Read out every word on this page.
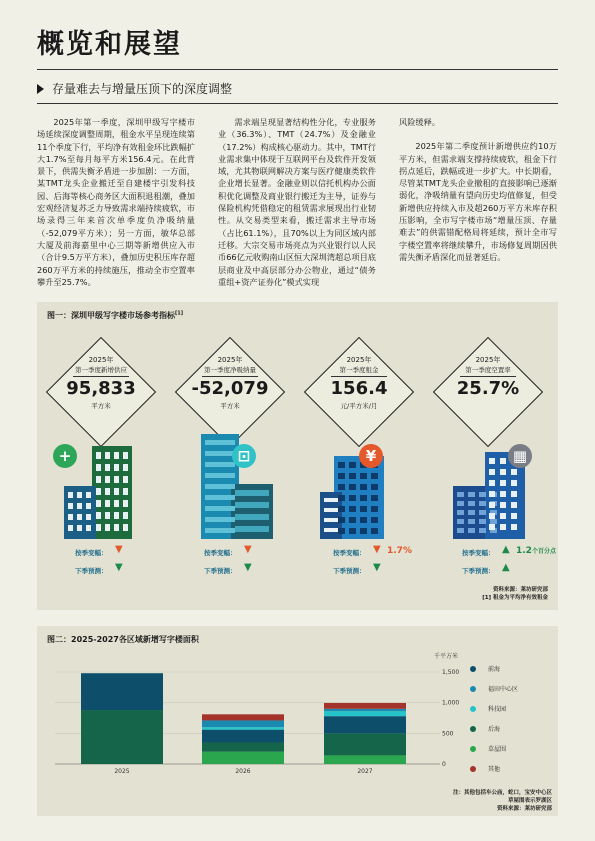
概览和展望
存量难去与增量压顶下的深度调整

2025年第一季度，深圳甲级写字楼市场延续深度调整周期，租金水平呈现连续第11个季度下行，平均净有效租金环比跌幅扩大1.7%至每月每平方米156.4元。在此背景下，供需失衡矛盾进一步加剧：一方面，某TMT龙头企业搬迁至自建楼宇引发科技园、后海等核心商务区大面积退租潮，叠加宏观经济复苏乏力导致需求端持续疲软，市场录得三年来首次单季度负净吸纳量（-52,079平方米）；另一方面，敏华总部大厦及前海嘉里中心三期等新增供应入市（合计9.5万平方米），叠加历史积压库存超260万平方米的持续施压，推动全市空置率攀升至25.7%。

需求端呈现显著结构性分化，专业服务业（36.3%）、TMT（24.7%）及金融业（17.2%）构成核心驱动力。其中，TMT行业需求集中体现于互联网平台及软件开发领域，尤其物联网解决方案与医疗健康类软件企业增长显著。金融业则以信托机构办公面积优化调整及商业银行搬迁为主导，证券与保险机构凭借稳定的租赁需求展现出行业韧性。从交易类型来看，搬迁需求主导市场（占比61.1%），且70%以上为同区域内部迁移。大宗交易市场亮点为兴业银行以人民币66亿元收购南山区恒大深圳湾超总项目底层商业及中高层部分办公物业，通过“债务重组+资产证券化”模式实现

风险缓释。

2025年第二季度预计新增供应约10万平方米，但需求端支撑持续疲软，租金下行拐点延后，跌幅或进一步扩大。中长期看，尽管某TMT龙头企业撤租的直接影响已逐渐弱化，净吸纳量有望向历史均值修复，但受新增供应持续入市及超260万平方米库存积压影响，全市写字楼市场“增量压顶、存量难去”的供需错配格局将延续，预计全市写字楼空置率将继续攀升，市场修复周期因供需失衡矛盾深化而显著延后。

图一：深圳甲级写字楼市场参考指标[1]
2025年
第一季度新增供应
95,833
平方米
+
按季变幅： ▼
下季预测： ▼
2025年
第一季度净吸纳量
-52,079
平方米
⊡
按季变幅： ▼
下季预测： ▼
2025年
第一季度租金
156.4
元/平方米/月
¥
按季变幅： ▼ 1.7%
下季预测： ▼
2025年
第一季度空置率
25.7%
▦
按季变幅： ▲ 1.2个百分点
下季预测： ▲
资料来源：莱坊研究部
[1] 租金为平均净有效租金
图二：2025-2027各区域新增写字楼面积
0
500
1,000
1,500
千平方米
2025	2026	2027
前海
福田中心区
科技园
后海
草屋围
其他
注：其他包括车公庙，蛇口，宝安中心区
草屋围表示罗湖区
资料来源：莱坊研究部
